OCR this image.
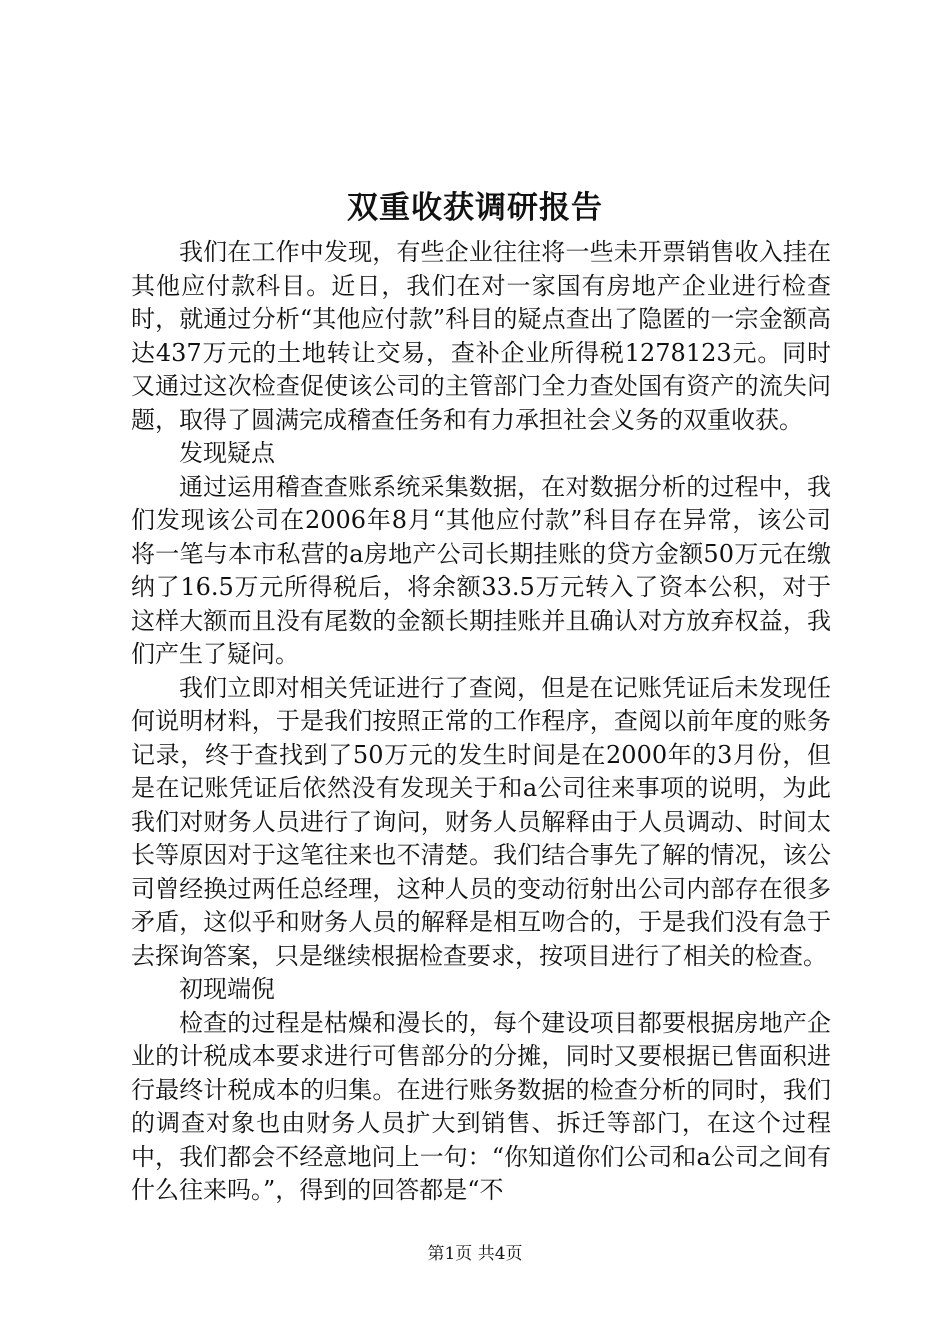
双重收获调研报告

我们在工作中发现，有些企业往往将一些未开票销售收入挂在其他应付款科目。近日，我们在对一家国有房地产企业进行检查时，就通过分析“其他应付款”科目的疑点查出了隐匿的一宗金额高达437万元的土地转让交易，查补企业所得税1278123元。同时又通过这次检查促使该公司的主管部门全力查处国有资产的流失问题，取得了圆满完成稽查任务和有力承担社会义务的双重收获。

发现疑点

通过运用稽查查账系统采集数据，在对数据分析的过程中，我们发现该公司在2006年8月“其他应付款”科目存在异常，该公司将一笔与本市私营的a房地产公司长期挂账的贷方金额50万元在缴纳了16.5万元所得税后，将余额33.5万元转入了资本公积，对于这样大额而且没有尾数的金额长期挂账并且确认对方放弃权益，我们产生了疑问。

我们立即对相关凭证进行了查阅，但是在记账凭证后未发现任何说明材料，于是我们按照正常的工作程序，查阅以前年度的账务记录，终于查找到了50万元的发生时间是在2000年的3月份，但是在记账凭证后依然没有发现关于和a公司往来事项的说明，为此我们对财务人员进行了询问，财务人员解释由于人员调动、时间太长等原因对于这笔往来也不清楚。我们结合事先了解的情况，该公司曾经换过两任总经理，这种人员的变动衍射出公司内部存在很多矛盾，这似乎和财务人员的解释是相互吻合的，于是我们没有急于去探询答案，只是继续根据检查要求，按项目进行了相关的检查。

初现端倪

检查的过程是枯燥和漫长的，每个建设项目都要根据房地产企业的计税成本要求进行可售部分的分摊，同时又要根据已售面积进行最终计税成本的归集。在进行账务数据的检查分析的同时，我们的调查对象也由财务人员扩大到销售、拆迁等部门，在这个过程中，我们都会不经意地问上一句：“你知道你们公司和a公司之间有什么往来吗。”，得到的回答都是“不

第1页 共4页
